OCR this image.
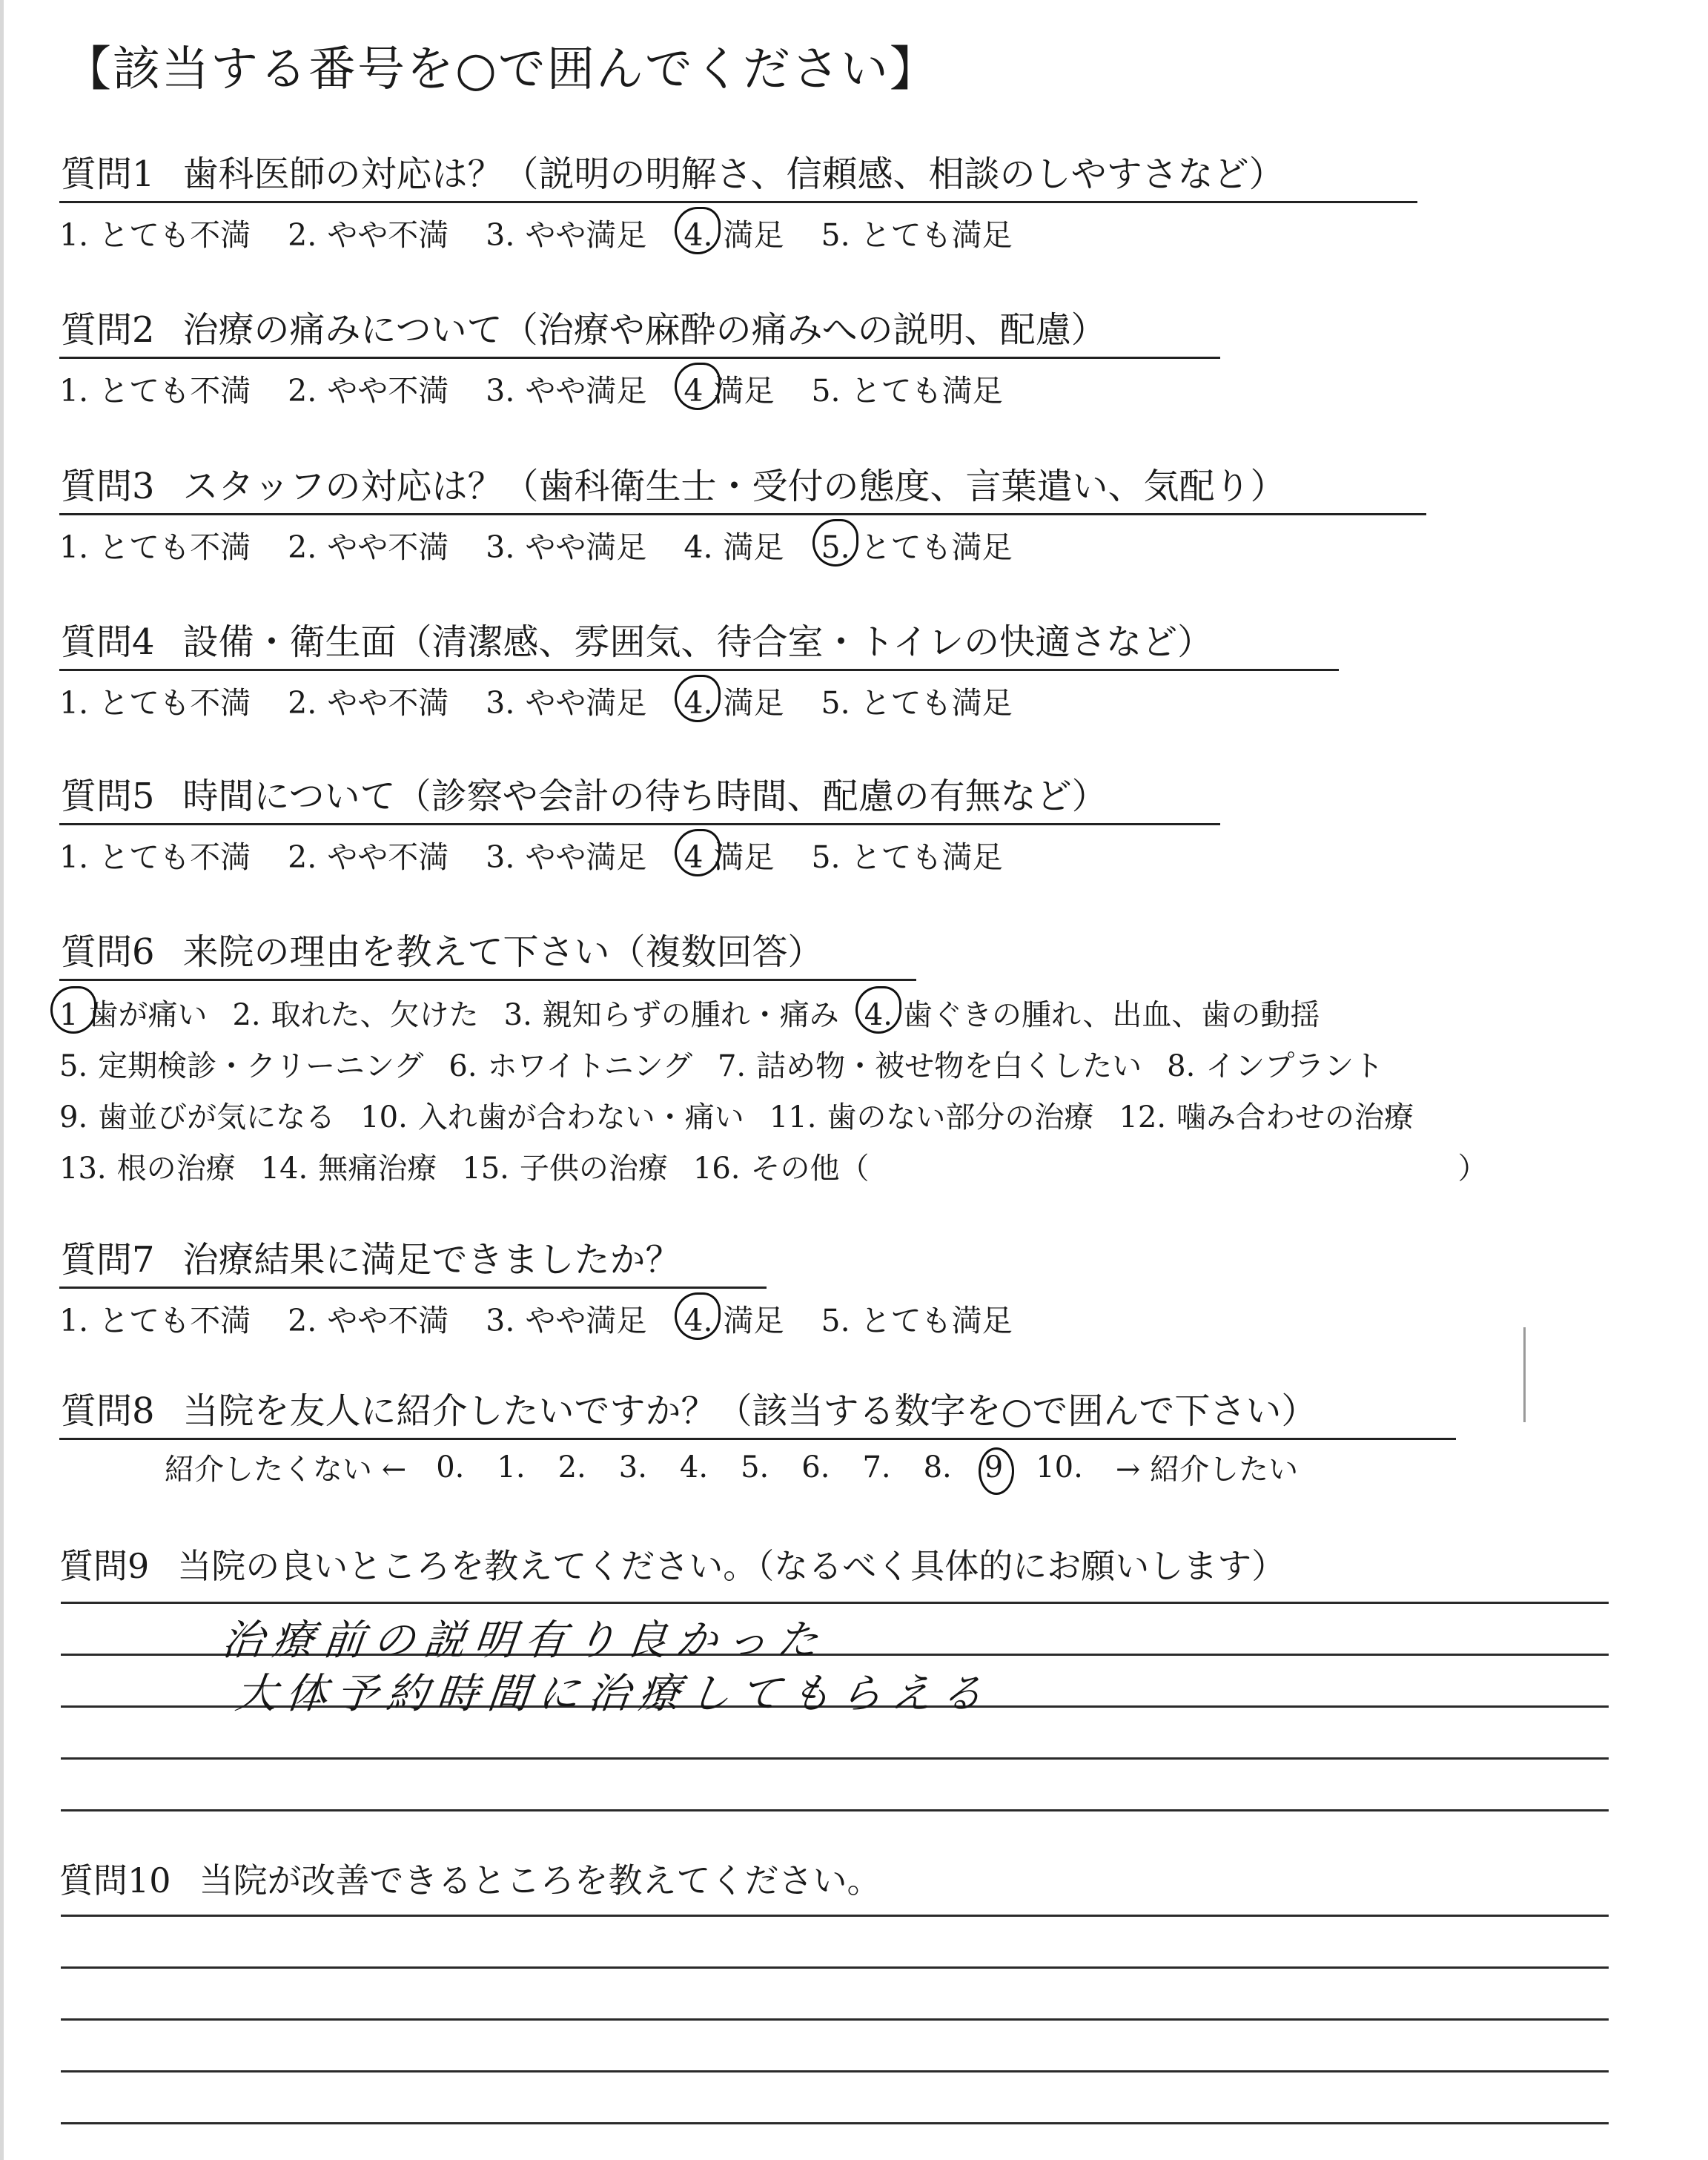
【該当する番号を○で囲んでください】
質問1 歯科医師の対応は？（説明の明解さ、信頼感、相談のしやすさなど）
1. とても不満 2. やや不満 3. やや満足 4. 満足 5. とても満足
質問2 治療の痛みについて（治療や麻酔の痛みへの説明、配慮）
1. とても不満 2. やや不満 3. やや満足 4 満足 5. とても満足
質問3 スタッフの対応は？（歯科衛生士・受付の態度、言葉遣い、気配り）
1. とても不満 2. やや不満 3. やや満足 4. 満足 5. とても満足
質問4 設備・衛生面（清潔感、雰囲気、待合室・トイレの快適さなど）
1. とても不満 2. やや不満 3. やや満足 4. 満足 5. とても満足
質問5 時間について（診察や会計の待ち時間、配慮の有無など）
1. とても不満 2. やや不満 3. やや満足 4 満足 5. とても満足
質問6 来院の理由を教えて下さい（複数回答）
1 歯が痛い 2. 取れた、欠けた 3. 親知らずの腫れ・痛み 4. 歯ぐきの腫れ、出血、歯の動揺
5. 定期検診・クリーニング 6. ホワイトニング 7. 詰め物・被せ物を白くしたい 8. インプラント
9. 歯並びが気になる 10. 入れ歯が合わない・痛い 11. 歯のない部分の治療 12. 噛み合わせの治療
13. 根の治療 14. 無痛治療 15. 子供の治療 16. その他（	）
質問7 治療結果に満足できましたか？
1. とても不満 2. やや不満 3. やや満足 4. 満足 5. とても満足
質問8 当院を友人に紹介したいですか？（該当する数字を○で囲んで下さい）
紹介したくない ← 0. 1. 2. 3. 4. 5. 6. 7. 8. 9 10. → 紹介したい
質問9 当院の良いところを教えてください。（なるべく具体的にお願いします）
治療前の説明有り良かった
大体予約時間に治療してもらえる
質問10 当院が改善できるところを教えてください。
